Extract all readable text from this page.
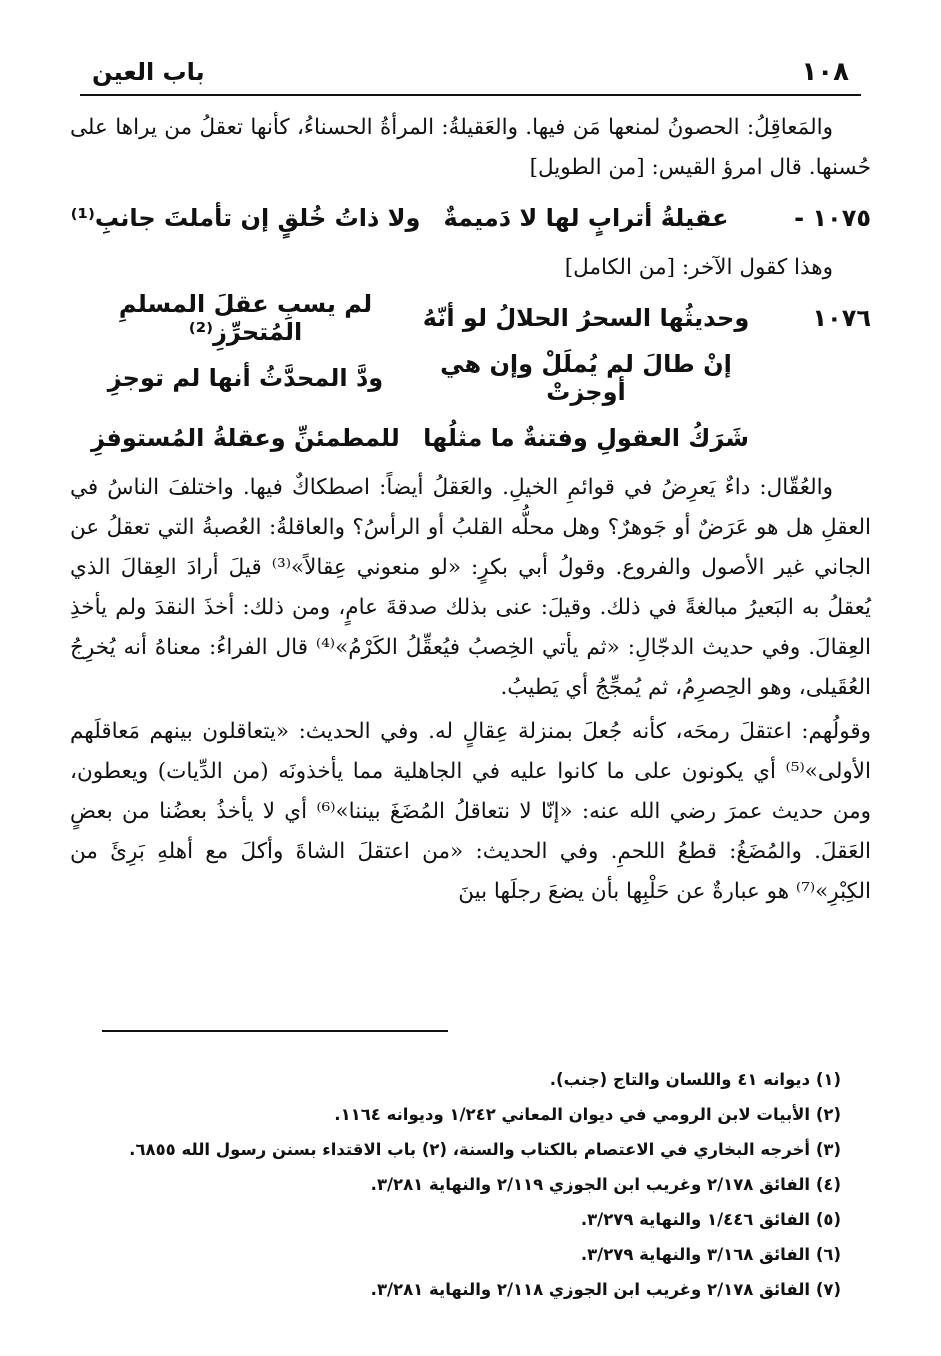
١٠٨
باب العين

والمَعاقِلُ: الحصونُ لمنعها مَن فيها. والعَقيلةُ: المرأةُ الحسناءُ، كأنها تعقلُ من يراها على حُسنها. قال امرؤ القيس: [من الطويل]

١٠٧٥ -
عقيلةُ أترابٍ لها لا دَميمةٌ
ولا ذاتُ خُلقٍ إن تأملتَ جانبِ⁽¹⁾
وهذا كقول الآخر: [من الكامل]
١٠٧٦
وحديثُها السحرُ الحلالُ لو أنّهُ
لم يسبِ عقلَ المسلمِ المُتحرِّزِ⁽²⁾
إنْ طالَ لم يُملَلْ وإن هي أوجزتْ
ودَّ المحدَّثُ أنها لم توجزِ
شَرَكُ العقولِ وفتنةٌ ما مثلُها
للمطمئنِّ وعقلةُ المُستوفزِ

والعُقّال: داءٌ يَعرِضُ في قوائمِ الخيلِ. والعَقلُ أيضاً: اصطكاكٌ فيها. واختلفَ الناسُ في العقلِ هل هو عَرَضٌ أو جَوهرٌ؟ وهل محلُّه القلبُ أو الرأسُ؟ والعاقلةُ: العُصبةُ التي تعقلُ عن الجاني غير الأصول والفروع. وقولُ أبي بكرٍ: «لو منعوني عِقالاً»⁽³⁾ قيلَ أرادَ العِقالَ الذي يُعقلُ به البَعيرُ مبالغةً في ذلك. وقيلَ: عنى بذلك صدقةَ عامٍ، ومن ذلك: أخذَ النقدَ ولم يأخذِ العِقالَ. وفي حديث الدجّالِ: «ثم يأتي الخِصبُ فيُعقِّلُ الكَرْمُ»⁽⁴⁾ قال الفراءُ: معناهُ أنه يُخرِجُ العُقَيلى، وهو الحِصرِمُ، ثم يُمجِّجُ أي يَطيبُ.

وقولُهم: اعتقلَ رمحَه، كأنه جُعلَ بمنزلة عِقالٍ له. وفي الحديث: «يتعاقلون بينهم مَعاقلَهم الأولى»⁽⁵⁾ أي يكونون على ما كانوا عليه في الجاهلية مما يأخذونَه (من الدِّيات) ويعطون، ومن حديث عمرَ رضي الله عنه: «إنّا لا نتعاقلُ المُضَغَ بيننا»⁽⁶⁾ أي لا يأخذُ بعضُنا من بعضٍ العَقلَ. والمُضَغُ: قطعُ اللحمِ. وفي الحديث: «من اعتقلَ الشاةَ وأكلَ مع أهلهِ بَرِئَ من الكِبْرِ»⁽⁷⁾ هو عبارةٌ عن حَلْبِها بأن يضعَ رجلَها بينَ

(١) ديوانه ٤١ واللسان والتاج (جنب).
(٢) الأبيات لابن الرومي في ديوان المعاني ١/٢٤٢ وديوانه ١١٦٤.
(٣) أخرجه البخاري في الاعتصام بالكتاب والسنة، (٢) باب الاقتداء بسنن رسول الله ٦٨٥٥.
(٤) الفائق ٢/١٧٨ وغريب ابن الجوزي ٢/١١٩ والنهاية ٣/٢٨١.
(٥) الفائق ١/٤٤٦ والنهاية ٣/٢٧٩.
(٦) الفائق ٣/١٦٨ والنهاية ٣/٢٧٩.
(٧) الفائق ٢/١٧٨ وغريب ابن الجوزي ٢/١١٨ والنهاية ٣/٢٨١.
